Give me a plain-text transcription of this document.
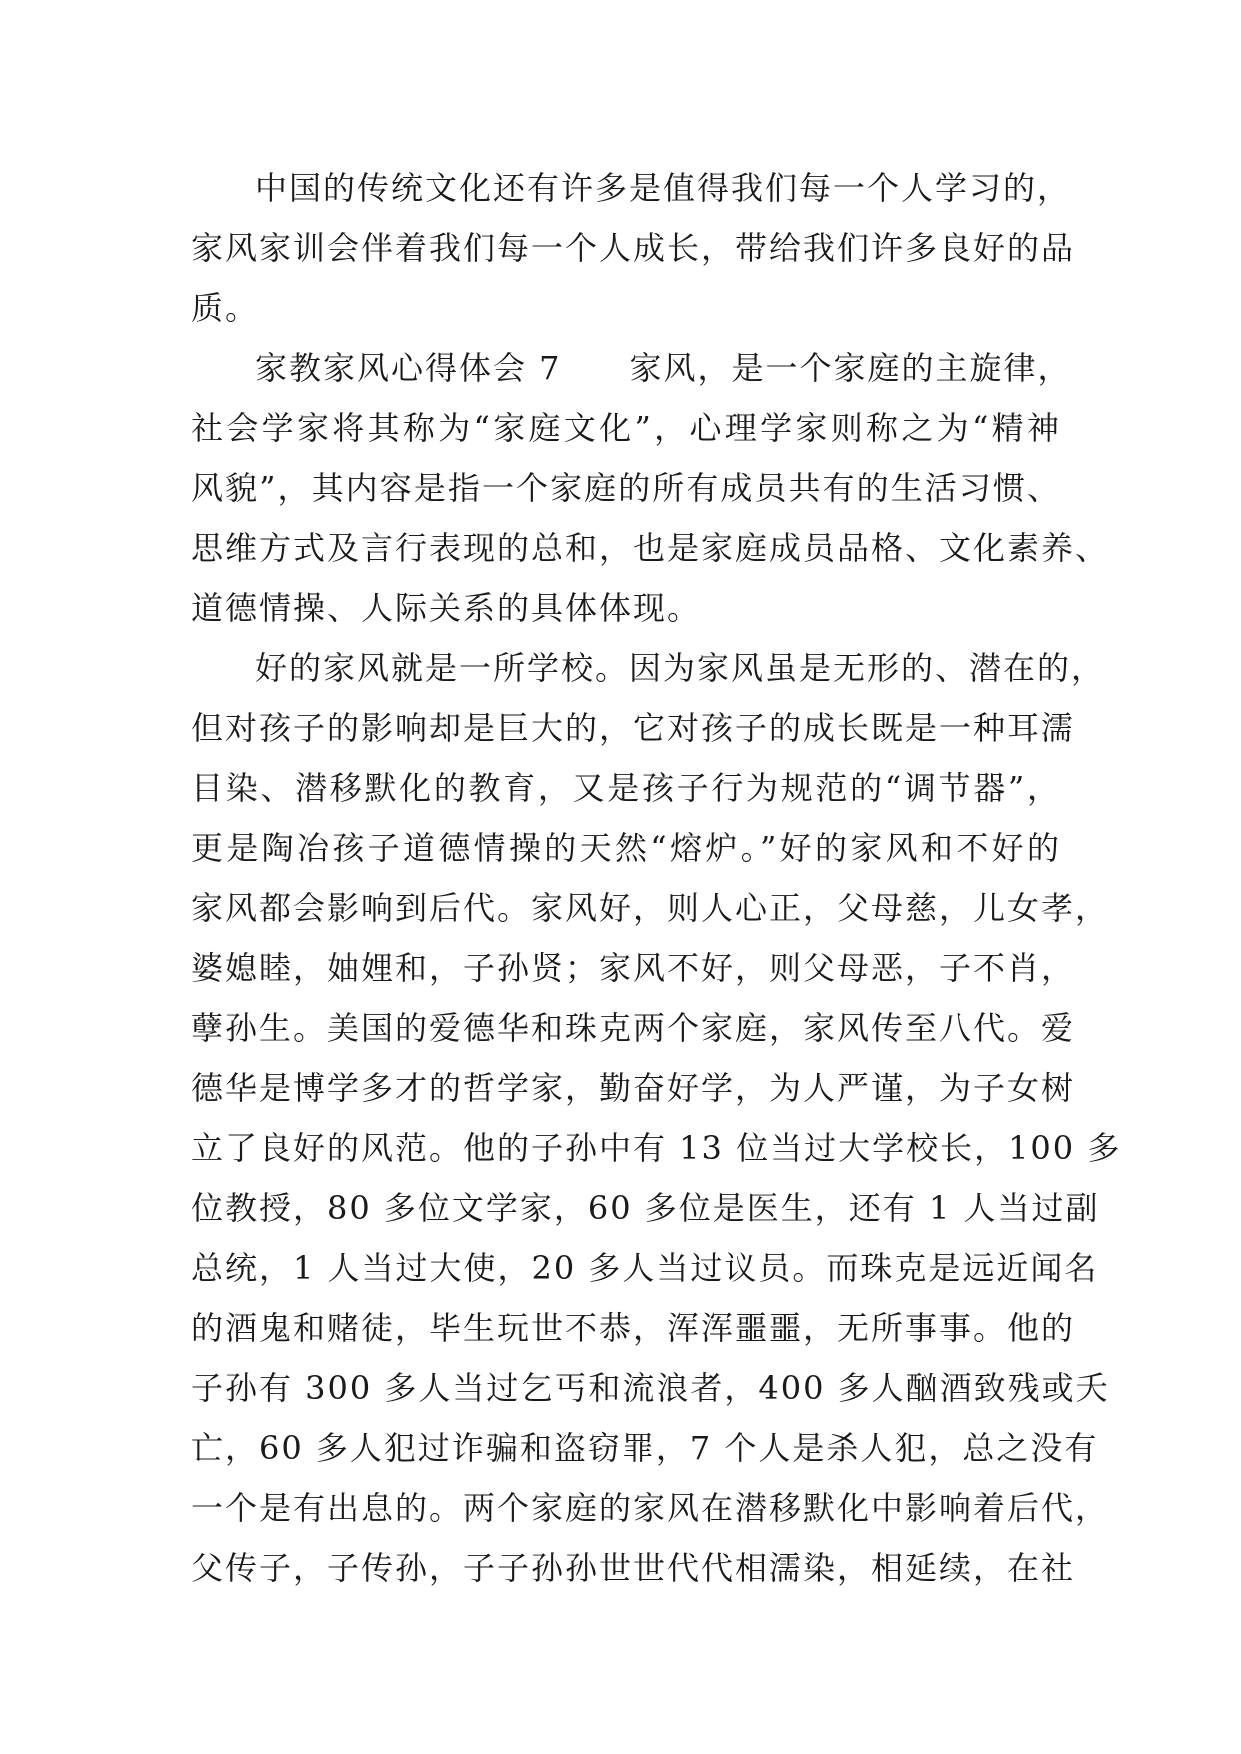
中国的传统文化还有许多是值得我们每一个人学习的，
家风家训会伴着我们每一个人成长，带给我们许多良好的品
质。
家教家风心得体会 7　　家风，是一个家庭的主旋律，
社会学家将其称为“家庭文化”，心理学家则称之为“精神
风貌”，其内容是指一个家庭的所有成员共有的生活习惯、
思维方式及言行表现的总和，也是家庭成员品格、文化素养、
道德情操、人际关系的具体体现。
好的家风就是一所学校。因为家风虽是无形的、潜在的，
但对孩子的影响却是巨大的，它对孩子的成长既是一种耳濡
目染、潜移默化的教育，又是孩子行为规范的“调节器”，
更是陶冶孩子道德情操的天然“熔炉。”好的家风和不好的
家风都会影响到后代。家风好，则人心正，父母慈，儿女孝，
婆媳睦，妯娌和，子孙贤；家风不好，则父母恶，子不肖，
孽孙生。美国的爱德华和珠克两个家庭，家风传至八代。爱
德华是博学多才的哲学家，勤奋好学，为人严谨，为子女树
立了良好的风范。他的子孙中有 13 位当过大学校长，100 多
位教授，80 多位文学家，60 多位是医生，还有 1 人当过副
总统，1 人当过大使，20 多人当过议员。而珠克是远近闻名
的酒鬼和赌徒，毕生玩世不恭，浑浑噩噩，无所事事。他的
子孙有 300 多人当过乞丐和流浪者，400 多人酗酒致残或夭
亡，60 多人犯过诈骗和盗窃罪，7 个人是杀人犯，总之没有
一个是有出息的。两个家庭的家风在潜移默化中影响着后代，
父传子，子传孙，子子孙孙世世代代相濡染，相延续，在社
